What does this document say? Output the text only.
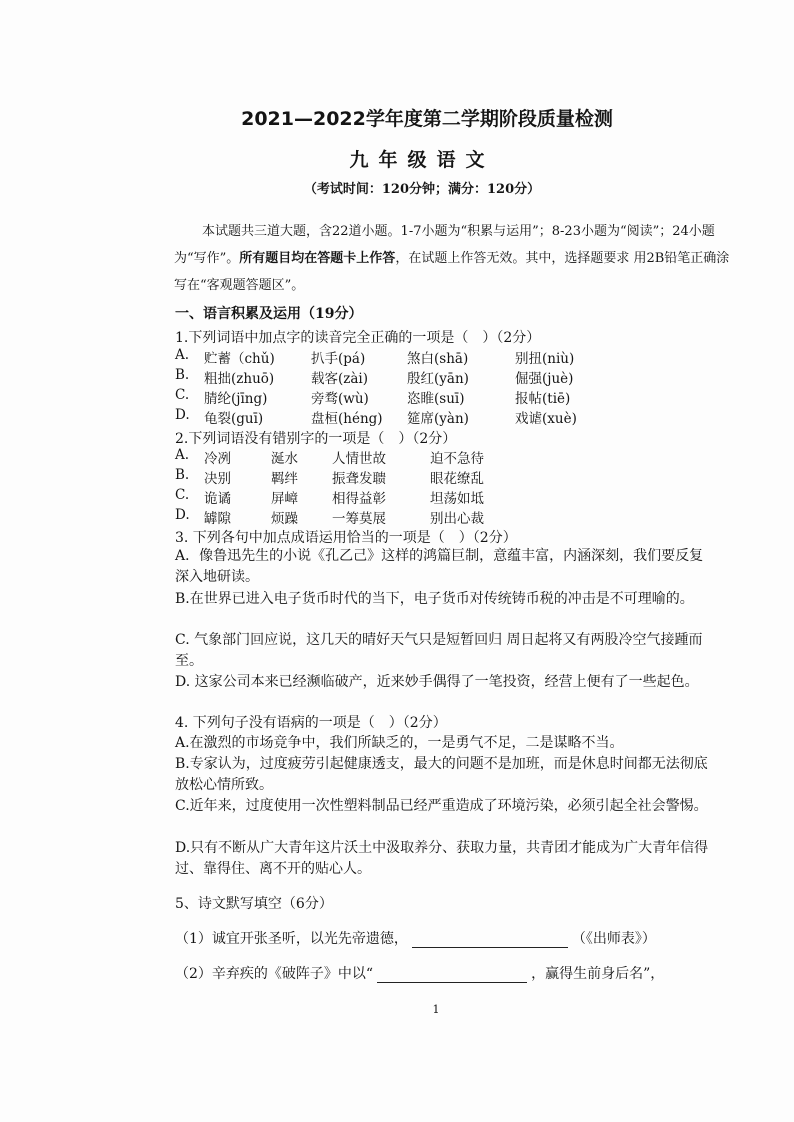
2021—2022学年度第二学期阶段质量检测
九年级语文
（考试时间：120分钟；满分：120分）

本试题共三道大题，含22道小题。1-7小题为“积累与运用”；8-23小题为“阅读”；24小题为“写作”。所有题目均在答题卡上作答，在试题上作答无效。其中，选择题要求 用2B铅笔正确涂写在“客观题答题区”。

一、语言积累及运用（19分）
1.下列词语中加点字的读音完全正确的一项是（　）（2分）
A. 贮蓄（chǔ)	扒手(pá)	煞白(shā)	别扭(niù)
B. 粗拙(zhuō)	载客(zài)	殷红(yān)	倔强(juè)
C. 腈纶(jīng)	旁骛(wù)	恣睢(suī)	报帖(tiē)
D. 龟裂(guī)	盘桓(héng) 筵席(yàn)	戏谑(xuè)
2.下列词语没有错别字的一项是（　）（2分）
A. 冷冽	涎水	人情世故	迫不急待
B. 决别	羁绊	振聋发聩	眼花缭乱
C. 诡谲	屏嶂	相得益彰	坦荡如坻
D. 罅隙	烦躁	一筹莫展	别出心裁
3. 下列各句中加点成语运用恰当的一项是（　）（2分）
A．像鲁迅先生的小说《孔乙己》这样的鸿篇巨制，意蕴丰富，内涵深刻，我们要反复深入地研读。
B.在世界已进入电子货币时代的当下，电子货币对传统铸币税的冲击是不可理喻的。
C. 气象部门回应说，这几天的晴好天气只是短暂回归 周日起将又有两股冷空气接踵而至。
D. 这家公司本来已经濒临破产，近来妙手偶得了一笔投资，经营上便有了一些起色。
4. 下列句子没有语病的一项是（　）（2分）
A.在激烈的市场竞争中，我们所缺乏的，一是勇气不足，二是谋略不当。
B.专家认为，过度疲劳引起健康透支，最大的问题不是加班，而是休息时间都无法彻底放松心情所致。
C.近年来，过度使用一次性塑料制品已经严重造成了环境污染，必须引起全社会警惕。
D.只有不断从广大青年这片沃土中汲取养分、获取力量，共青团才能成为广大青年信得过、靠得住、离不开的贴心人。
5、诗文默写填空（6分）
（1）诚宜开张圣听，以光先帝遗德，	（《出师表》）
（2）辛弃疾的《破阵子》中以“	，赢得生前身后名”，
1
